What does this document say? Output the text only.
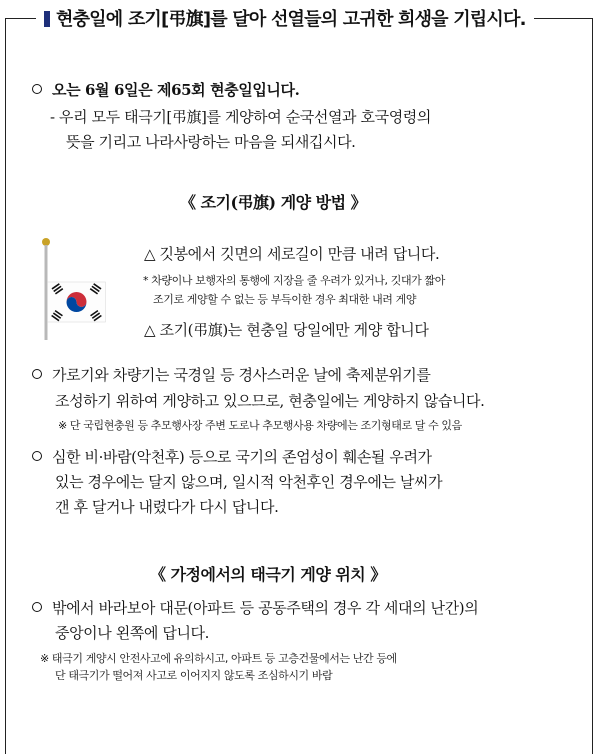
현충일에 조기[弔旗]를 달아 선열들의 고귀한 희생을 기립시다.
오는 6월 6일은 제65회 현충일입니다.
- 우리 모두 태극기[弔旗]를 게양하여 순국선열과 호국영령의
뜻을 기리고 나라사랑하는 마음을 되새깁시다.
《 조기(弔旗) 게양 방법 》
△ 깃봉에서 깃면의 세로길이 만큼 내려 답니다.
* 차량이나 보행자의 통행에 지장을 줄 우려가 있거나, 깃대가 짧아
조기로 게양할 수 없는 등 부득이한 경우 최대한 내려 게양
△ 조기(弔旗)는 현충일 당일에만 게양 합니다
가로기와 차량기는 국경일 등 경사스러운 날에 축제분위기를
조성하기 위하여 게양하고 있으므로, 현충일에는 게양하지 않습니다.
※ 단 국립현충원 등 추모행사장 주변 도로나 추모행사용 차량에는 조기형태로 달 수 있음
심한 비·바람(악천후) 등으로 국기의 존엄성이 훼손될 우려가
있는 경우에는 달지 않으며, 일시적 악천후인 경우에는 날씨가
갠 후 달거나 내렸다가 다시 답니다.
《 가정에서의 태극기 게양 위치 》
밖에서 바라보아 대문(아파트 등 공동주택의 경우 각 세대의 난간)의
중앙이나 왼쪽에 답니다.
※ 태극기 게양시 안전사고에 유의하시고, 아파트 등 고층건물에서는 난간 등에
단 태극기가 떨어져 사고로 이어지지 않도록 조심하시기 바람
